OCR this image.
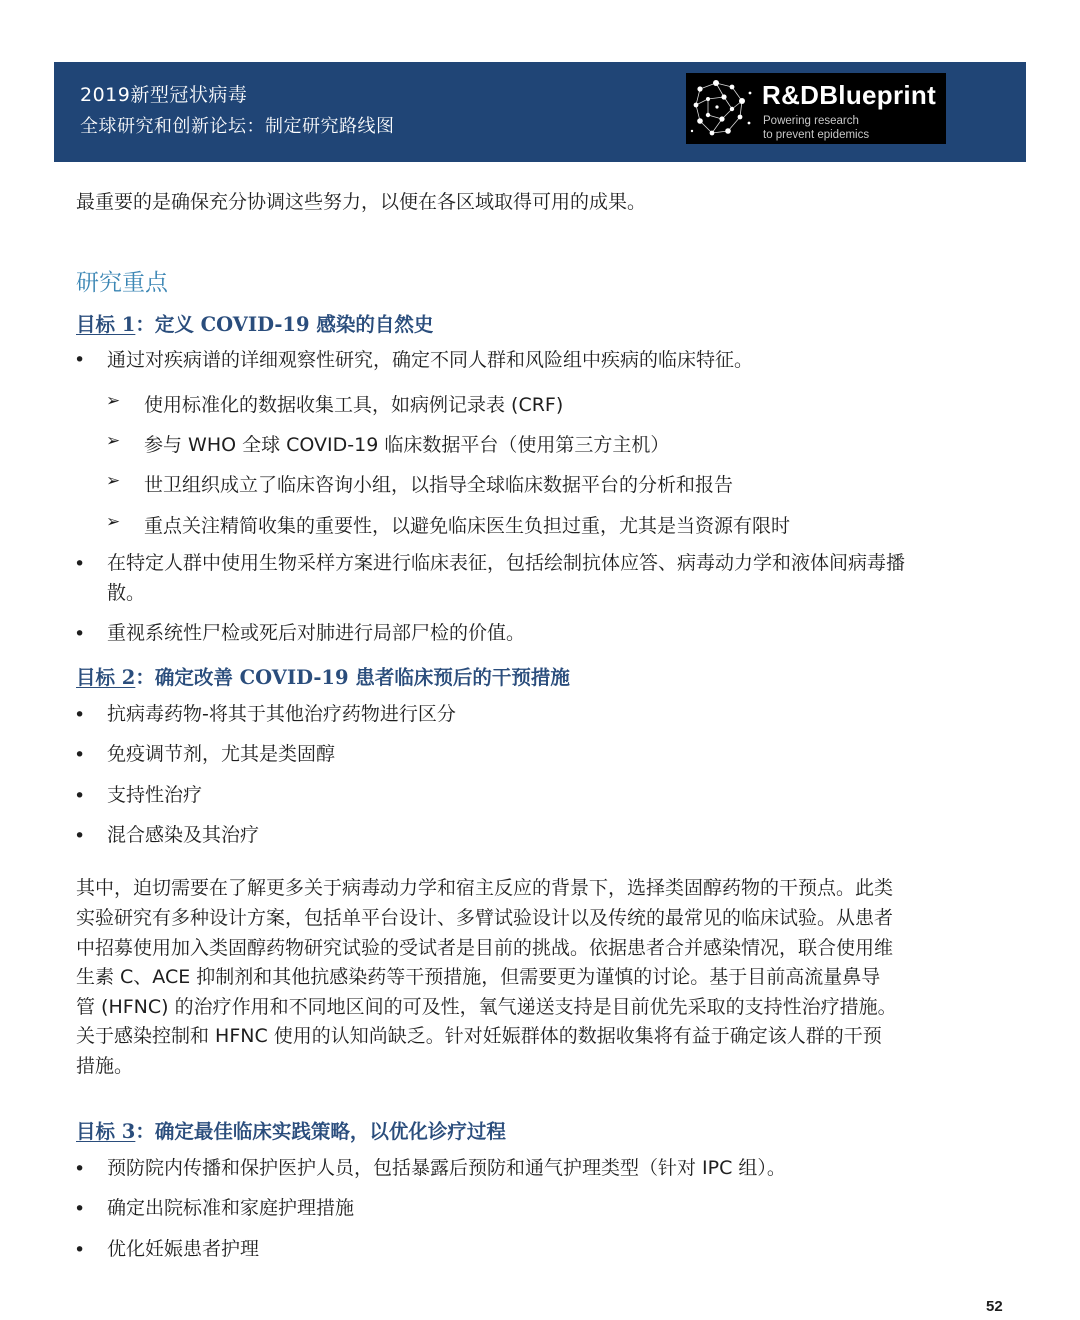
2019新型冠状病毒
全球研究和创新论坛：制定研究路线图
R&DBlueprint
Powering research
to prevent epidemics
最重要的是确保充分协调这些努力，以便在各区域取得可用的成果。
研究重点
目标 1：定义 COVID-19 感染的自然史
• 通过对疾病谱的详细观察性研究，确定不同人群和风险组中疾病的临床特征。
➢ 使用标准化的数据收集工具，如病例记录表 (CRF)
➢ 参与 WHO 全球 COVID-19 临床数据平台（使用第三方主机）
➢ 世卫组织成立了临床咨询小组，以指导全球临床数据平台的分析和报告
➢ 重点关注精简收集的重要性，以避免临床医生负担过重，尤其是当资源有限时
• 在特定人群中使用生物采样方案进行临床表征，包括绘制抗体应答、病毒动力学和液体间病毒播
散。
• 重视系统性尸检或死后对肺进行局部尸检的价值。
目标 2：确定改善 COVID-19 患者临床预后的干预措施
• 抗病毒药物-将其于其他治疗药物进行区分
• 免疫调节剂，尤其是类固醇
• 支持性治疗
• 混合感染及其治疗
其中，迫切需要在了解更多关于病毒动力学和宿主反应的背景下，选择类固醇药物的干预点。此类
实验研究有多种设计方案，包括单平台设计、多臂试验设计以及传统的最常见的临床试验。从患者
中招募使用加入类固醇药物研究试验的受试者是目前的挑战。依据患者合并感染情况，联合使用维
生素 C、ACE 抑制剂和其他抗感染药等干预措施，但需要更为谨慎的讨论。基于目前高流量鼻导
管 (HFNC) 的治疗作用和不同地区间的可及性，氧气递送支持是目前优先采取的支持性治疗措施。
关于感染控制和 HFNC 使用的认知尚缺乏。针对妊娠群体的数据收集将有益于确定该人群的干预
措施。
目标 3：确定最佳临床实践策略，以优化诊疗过程
• 预防院内传播和保护医护人员，包括暴露后预防和通气护理类型（针对 IPC 组）。
• 确定出院标准和家庭护理措施
• 优化妊娠患者护理
52
